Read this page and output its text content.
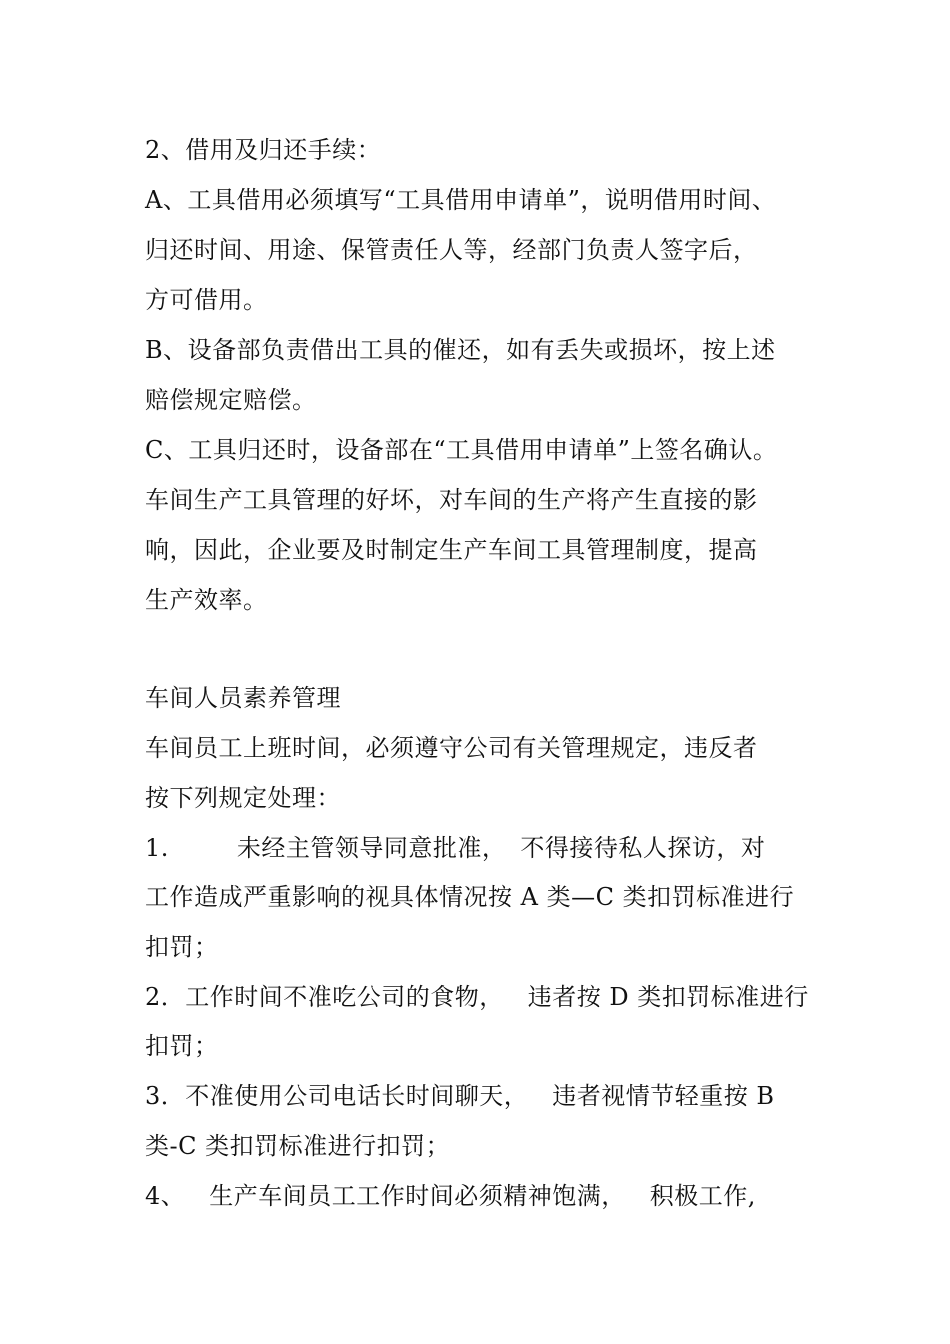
2、借用及归还手续：
A、工具借用必须填写“工具借用申请单”，说明借用时间、
归还时间、用途、保管责任人等，经部门负责人签字后，
方可借用。
B、设备部负责借出工具的催还，如有丢失或损坏，按上述
赔偿规定赔偿。
C、工具归还时，设备部在“工具借用申请单”上签名确认。
车间生产工具管理的好坏，对车间的生产将产生直接的影
响，因此，企业要及时制定生产车间工具管理制度，提高
生产效率。
车间人员素养管理
车间员工上班时间，必须遵守公司有关管理规定，违反者
按下列规定处理：
1.	未经主管领导同意批准， 不得接待私人探访，对
工作造成严重影响的视具体情况按 A 类—C 类扣罚标准进行
扣罚；
2．工作时间不准吃公司的食物， 违者按 D 类扣罚标准进行
扣罚；
3．不准使用公司电话长时间聊天， 违者视情节轻重按 B
类-C 类扣罚标准进行扣罚；
4、 生产车间员工工作时间必须精神饱满， 积极工作,
